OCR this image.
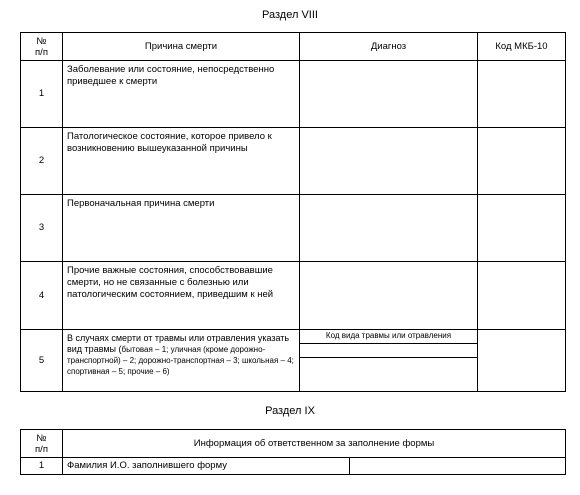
Раздел VIII
№
п/п	Причина смерти	Диагноз	Код МКБ-10
1	Заболевание или состояние, непосредственно приведшее к смерти		
2	Патологическое состояние, которое привело к возникновению вышеуказанной причины		
3	Первоначальная причина смерти		
4	Прочие важные состояния, способствовавшие смерти, но не связанные с болезнью или патологическим состоянием, приведшим к ней		
5	В случаях смерти от травмы или отравления указать вид травмы (бытовая – 1; уличная (кроме дорожно-транспортной) – 2; дорожно-транспортная – 3; школьная – 4; спортивная – 5; прочие – 6)	Код вида травмы или отравления	

Раздел IX
№
п/п	Информация об ответственном за заполнение формы	
1	Фамилия И.О. заполнившего форму	
